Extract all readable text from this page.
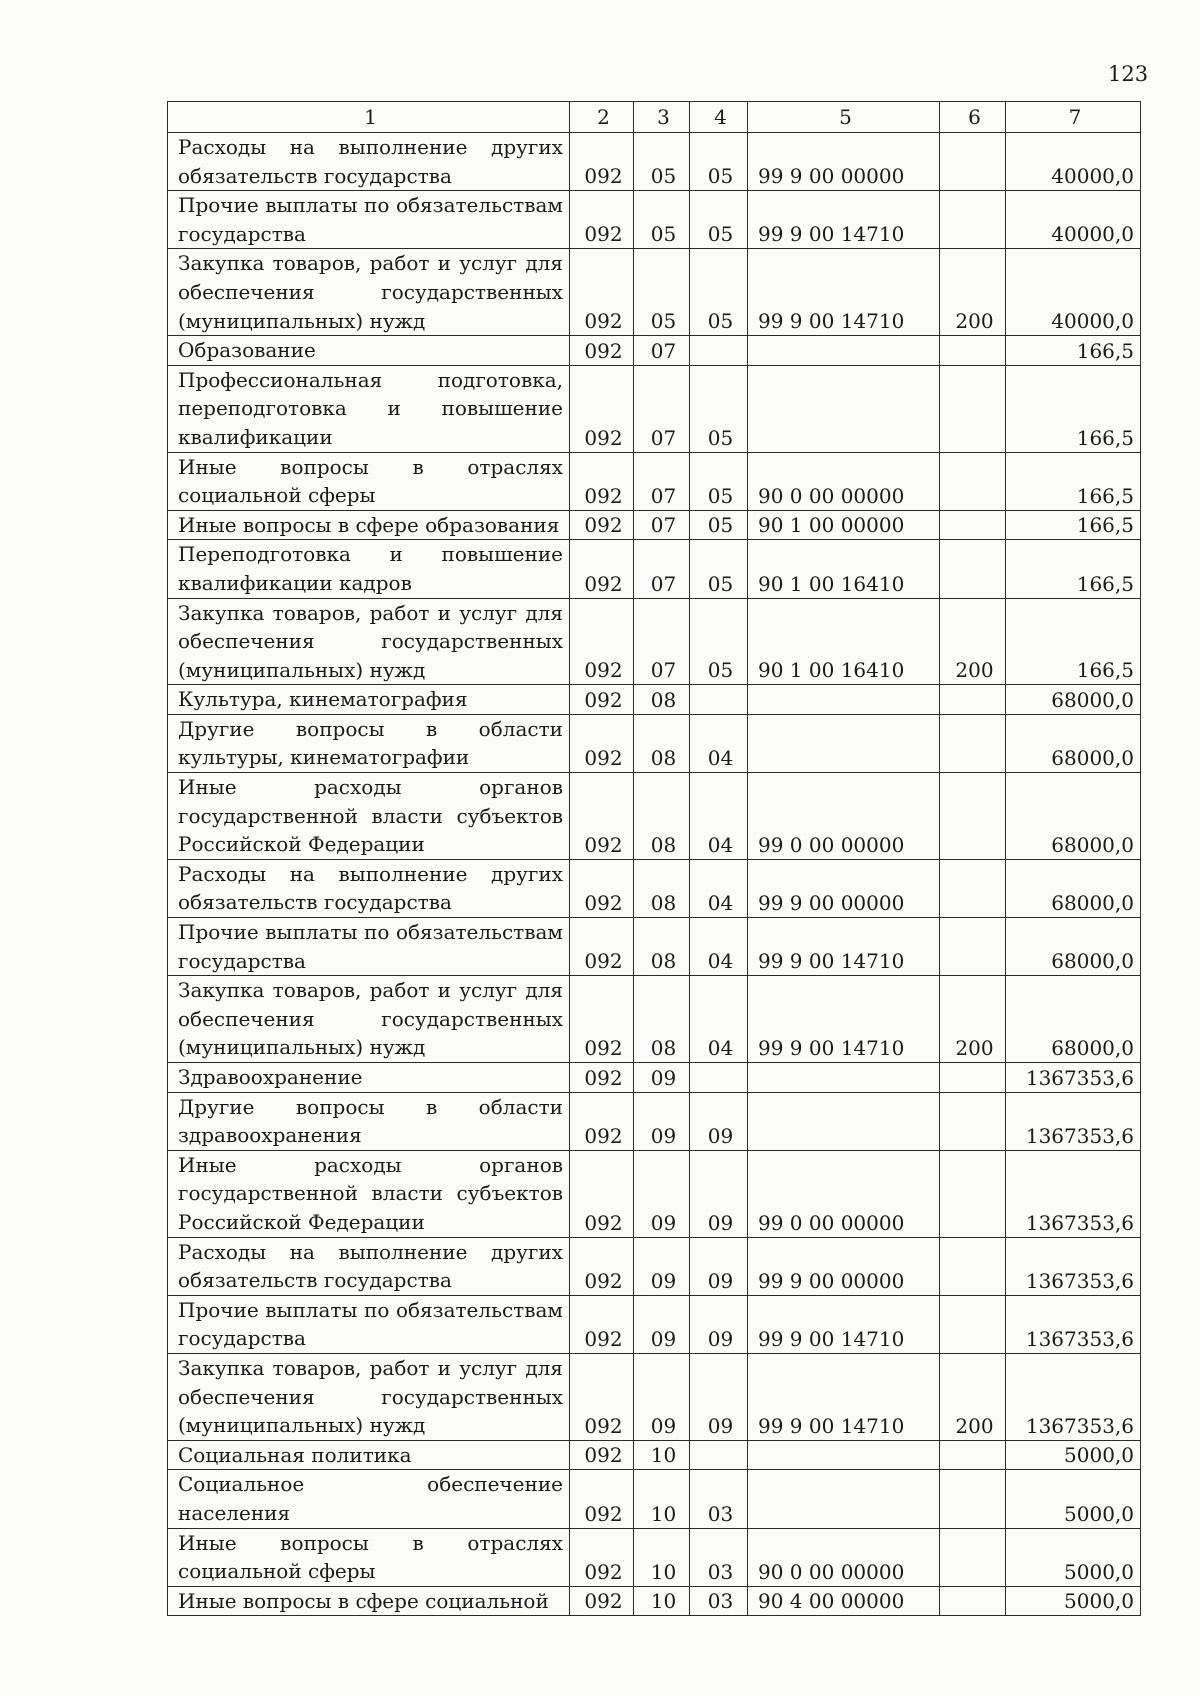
123
1	2	3	4	5	6	7
Расходы на выполнение других обязательств государства	092	05	05	99 9 00 00000		40000,0
Прочие выплаты по обязательствам государства	092	05	05	99 9 00 14710		40000,0
Закупка товаров, работ и услуг для обеспечения государственных (муниципальных) нужд	092	05	05	99 9 00 14710	200	40000,0
Образование	092	07				166,5
Профессиональная подготовка, переподготовка и повышение квалификации	092	07	05			166,5
Иные вопросы в отраслях социальной сферы	092	07	05	90 0 00 00000		166,5
Иные вопросы в сфере образования	092	07	05	90 1 00 00000		166,5
Переподготовка и повышение квалификации кадров	092	07	05	90 1 00 16410		166,5
Закупка товаров, работ и услуг для обеспечения государственных (муниципальных) нужд	092	07	05	90 1 00 16410	200	166,5
Культура, кинематография	092	08				68000,0
Другие вопросы в области культуры, кинематографии	092	08	04			68000,0
Иные расходы органов государственной власти субъектов Российской Федерации	092	08	04	99 0 00 00000		68000,0
Расходы на выполнение других обязательств государства	092	08	04	99 9 00 00000		68000,0
Прочие выплаты по обязательствам государства	092	08	04	99 9 00 14710		68000,0
Закупка товаров, работ и услуг для обеспечения государственных (муниципальных) нужд	092	08	04	99 9 00 14710	200	68000,0
Здравоохранение	092	09				1367353,6
Другие вопросы в области здравоохранения	092	09	09			1367353,6
Иные расходы органов государственной власти субъектов Российской Федерации	092	09	09	99 0 00 00000		1367353,6
Расходы на выполнение других обязательств государства	092	09	09	99 9 00 00000		1367353,6
Прочие выплаты по обязательствам государства	092	09	09	99 9 00 14710		1367353,6
Закупка товаров, работ и услуг для обеспечения государственных (муниципальных) нужд	092	09	09	99 9 00 14710	200	1367353,6
Социальная политика	092	10				5000,0
Социальное обеспечение населения	092	10	03			5000,0
Иные вопросы в отраслях социальной сферы	092	10	03	90 0 00 00000		5000,0
Иные вопросы в сфере социальной	092	10	03	90 4 00 00000		5000,0
